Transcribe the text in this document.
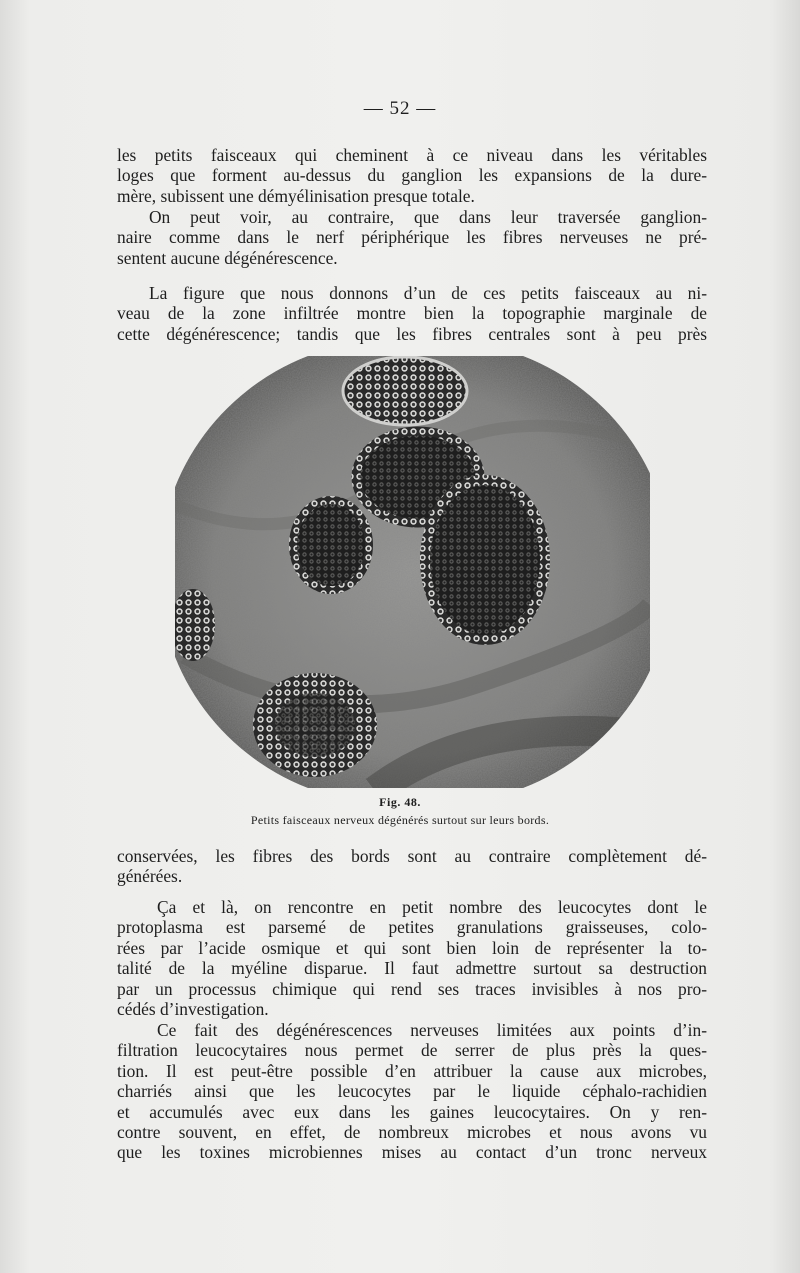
— 52 —

les petits faisceaux qui cheminent à ce niveau dans les véritables
loges que forment au-dessus du ganglion les expansions de la dure-
mère, subissent une démyélinisation presque totale.

On peut voir, au contraire, que dans leur traversée ganglion-
naire comme dans le nerf périphérique les fibres nerveuses ne pré-
sentent aucune dégénérescence.

La figure que nous donnons d’un de ces petits faisceaux au ni-
veau de la zone infiltrée montre bien la topographie marginale de
cette dégénérescence; tandis que les fibres centrales sont à peu près

Fig. 48.
Petits faisceaux nerveux dégénérés surtout sur leurs bords.

conservées, les fibres des bords sont au contraire complètement dé-
générées.

Ça et là, on rencontre en petit nombre des leucocytes dont le
protoplasma est parsemé de petites granulations graisseuses, colo-
rées par l’acide osmique et qui sont bien loin de représenter la to-
talité de la myéline disparue. Il faut admettre surtout sa destruction
par un processus chimique qui rend ses traces invisibles à nos pro-
cédés d’investigation.

Ce fait des dégénérescences nerveuses limitées aux points d’in-
filtration leucocytaires nous permet de serrer de plus près la ques-
tion. Il est peut-être possible d’en attribuer la cause aux microbes,
charriés ainsi que les leucocytes par le liquide céphalo-rachidien
et accumulés avec eux dans les gaines leucocytaires. On y ren-
contre souvent, en effet, de nombreux microbes et nous avons vu
que les toxines microbiennes mises au contact d’un tronc nerveux
